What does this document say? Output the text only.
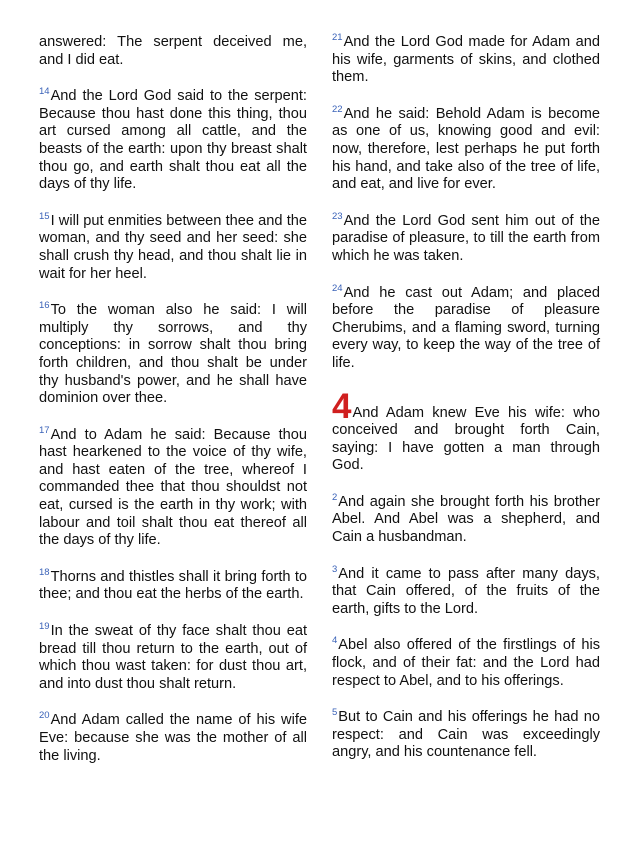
answered: The serpent deceived me, and I did eat.

$^{14}$And the Lord God said to the serpent: Because thou hast done this thing, thou art cursed among all cattle, and the beasts of the earth: upon thy breast shalt thou go, and earth shalt thou eat all the days of thy life.

$^{15}$I will put enmities between thee and the woman, and thy seed and her seed: she shall crush thy head, and thou shalt lie in wait for her heel.

$^{16}$To the woman also he said: I will multiply thy sorrows, and thy conceptions: in sorrow shalt thou bring forth children, and thou shalt be under thy husband's power, and he shall have dominion over thee.

$^{17}$And to Adam he said: Because thou hast hearkened to the voice of thy wife, and hast eaten of the tree, whereof I commanded thee that thou shouldst not eat, cursed is the earth in thy work; with labour and toil shalt thou eat thereof all the days of thy life.

$^{18}$Thorns and thistles shall it bring forth to thee; and thou eat the herbs of the earth.

$^{19}$In the sweat of thy face shalt thou eat bread till thou return to the earth, out of which thou wast taken: for dust thou art, and into dust thou shalt return.

$^{20}$And Adam called the name of his wife Eve: because she was the mother of all the living.

$^{21}$And the Lord God made for Adam and his wife, garments of skins, and clothed them.

$^{22}$And he said: Behold Adam is become as one of us, knowing good and evil: now, therefore, lest perhaps he put forth his hand, and take also of the tree of life, and eat, and live for ever.

$^{23}$And the Lord God sent him out of the paradise of pleasure, to till the earth from which he was taken.

$^{24}$And he cast out Adam; and placed before the paradise of pleasure Cherubims, and a flaming sword, turning every way, to keep the way of the tree of life.

4And Adam knew Eve his wife: who conceived and brought forth Cain, saying: I have gotten a man through God.

$^2$And again she brought forth his brother Abel. And Abel was a shepherd, and Cain a husbandman.

$^3$And it came to pass after many days, that Cain offered, of the fruits of the earth, gifts to the Lord.

$^4$Abel also offered of the firstlings of his flock, and of their fat: and the Lord had respect to Abel, and to his offerings.

$^5$But to Cain and his offerings he had no respect: and Cain was exceedingly angry, and his countenance fell.
